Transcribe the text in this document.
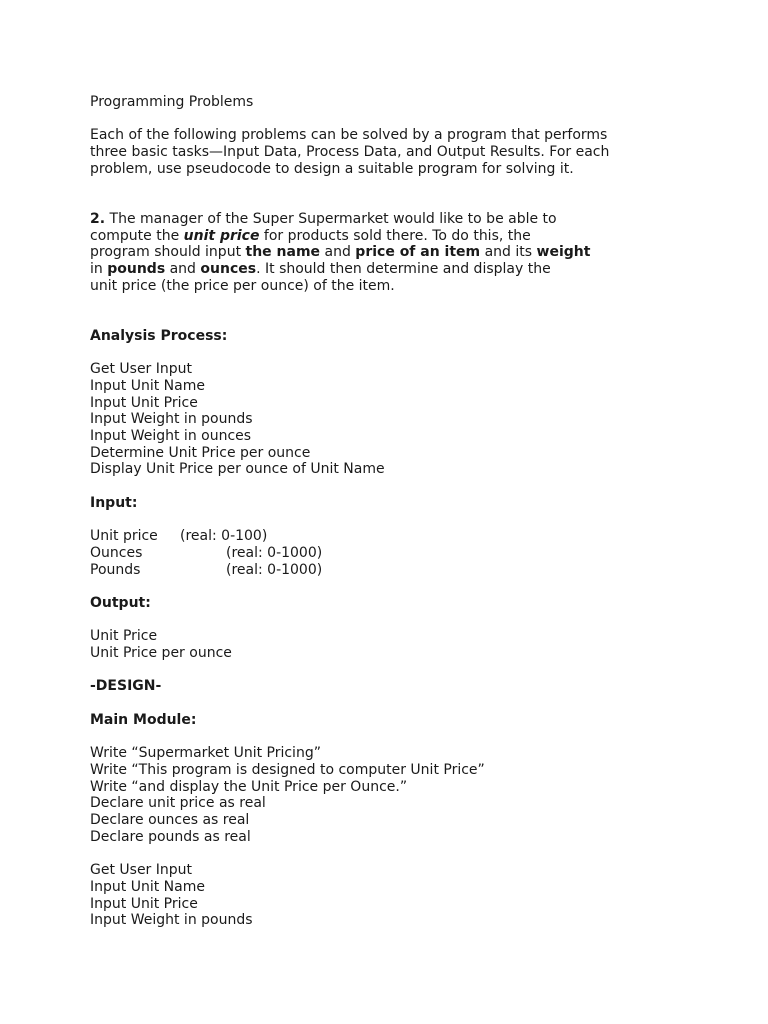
Programming Problems
Each of the following problems can be solved by a program that performs
three basic tasks—Input Data, Process Data, and Output Results. For each
problem, use pseudocode to design a suitable program for solving it.
2. The manager of the Super Supermarket would like to be able to
compute the unit price for products sold there. To do this, the
program should input the name and price of an item and its weight
in pounds and ounces. It should then determine and display the
unit price (the price per ounce) of the item.
Analysis Process:
Get User Input
Input Unit Name
Input Unit Price
Input Weight in pounds
Input Weight in ounces
Determine Unit Price per ounce
Display Unit Price per ounce of Unit Name
Input:
Unit price (real: 0-100)
Ounces	(real: 0-1000)
Pounds	(real: 0-1000)
Output:
Unit Price
Unit Price per ounce
-DESIGN-
Main Module:
Write “Supermarket Unit Pricing”
Write “This program is designed to computer Unit Price”
Write “and display the Unit Price per Ounce.”
Declare unit price as real
Declare ounces as real
Declare pounds as real
Get User Input
Input Unit Name
Input Unit Price
Input Weight in pounds
